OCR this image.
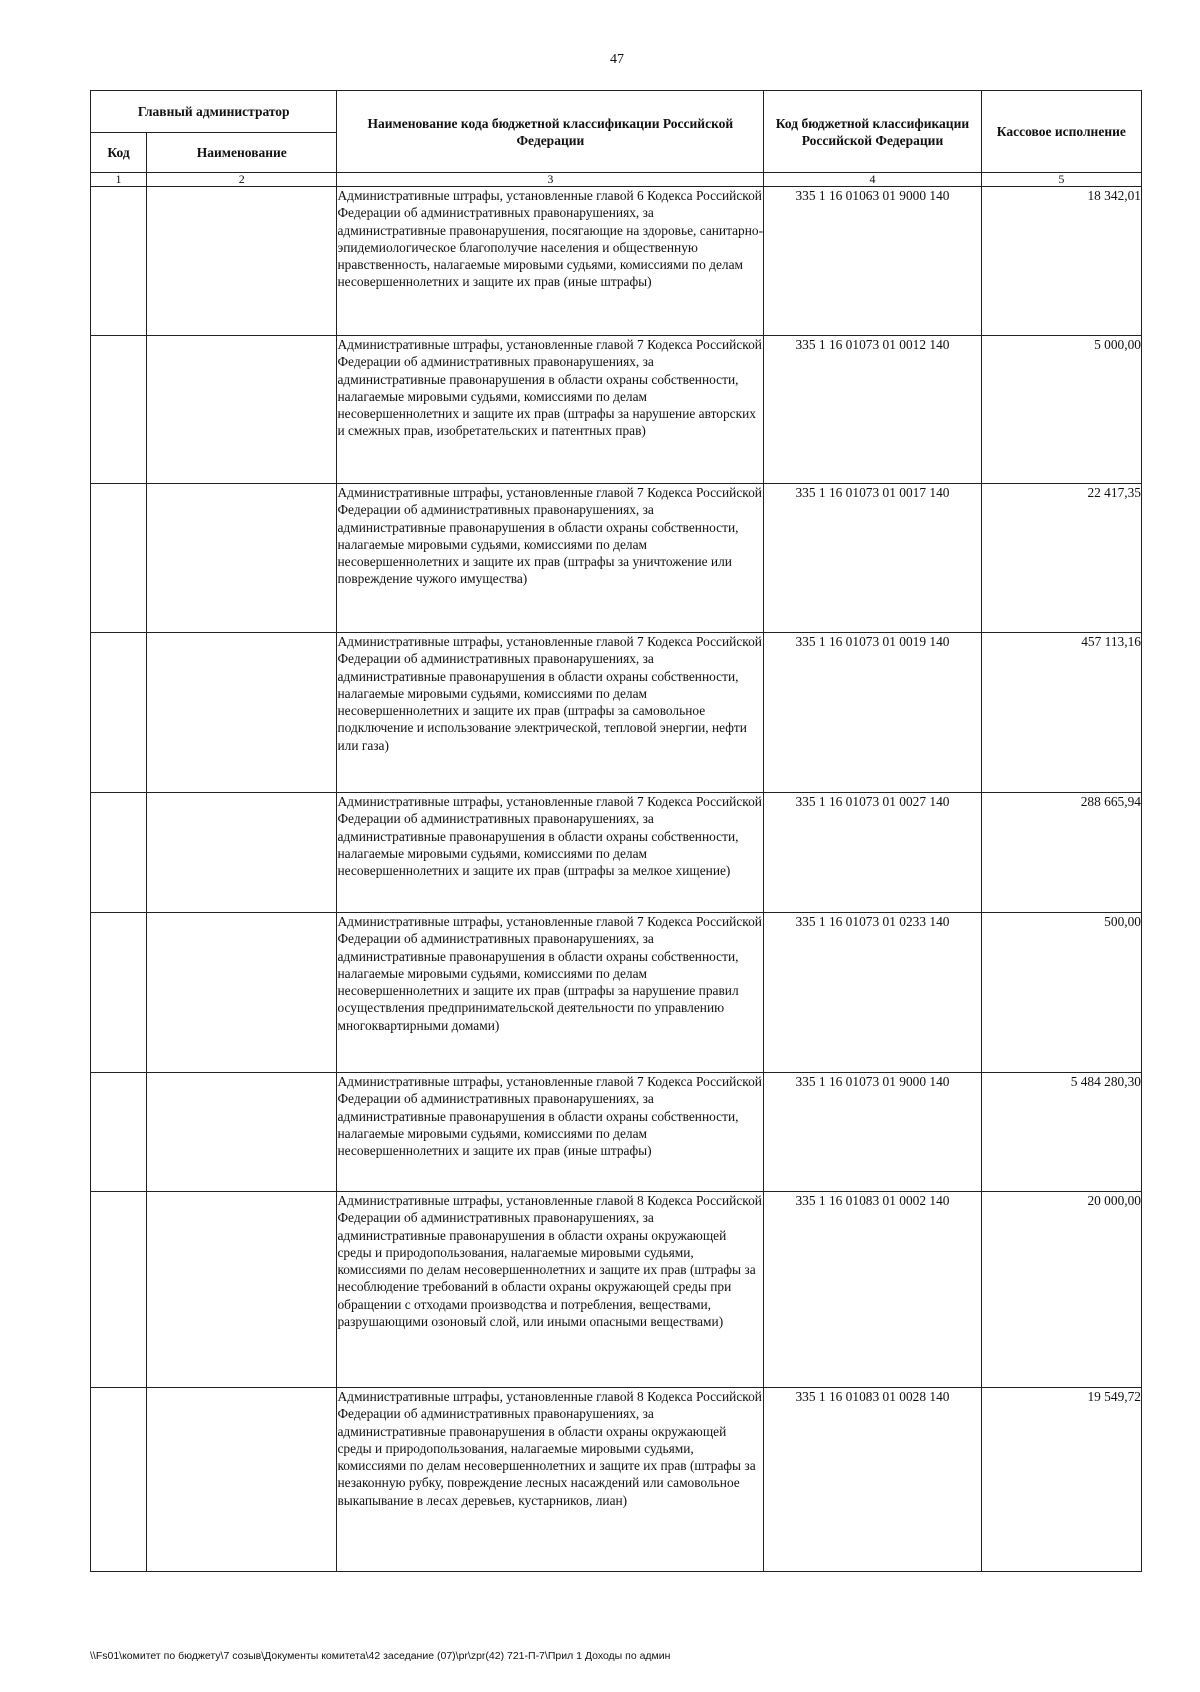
47
Главный администратор		Наименование кода бюджетной классификации Российской Федерации	Код бюджетной классификации Российской Федерации	Кассовое исполнение
Код	Наименование			
1	2	3	4	5
		Административные штрафы, установленные главой 6 Кодекса Российской Федерации об административных правонарушениях, за административные правонарушения, посягающие на здоровье, санитарно-эпидемиологическое благополучие населения и общественную нравственность, налагаемые мировыми судьями, комиссиями по делам несовершеннолетних и защите их прав (иные штрафы)	335 1 16 01063 01 9000 140	18 342,01
		Административные штрафы, установленные главой 7 Кодекса Российской Федерации об административных правонарушениях, за административные правонарушения в области охраны собственности, налагаемые мировыми судьями, комиссиями по делам несовершеннолетних и защите их прав (штрафы за нарушение авторских и смежных прав, изобретательских и патентных прав)	335 1 16 01073 01 0012 140	5 000,00
		Административные штрафы, установленные главой 7 Кодекса Российской Федерации об административных правонарушениях, за административные правонарушения в области охраны собственности, налагаемые мировыми судьями, комиссиями по делам несовершеннолетних и защите их прав (штрафы за уничтожение или повреждение чужого имущества)	335 1 16 01073 01 0017 140	22 417,35
		Административные штрафы, установленные главой 7 Кодекса Российской Федерации об административных правонарушениях, за административные правонарушения в области охраны собственности, налагаемые мировыми судьями, комиссиями по делам несовершеннолетних и защите их прав (штрафы за самовольное подключение и использование электрической, тепловой энергии, нефти или газа)	335 1 16 01073 01 0019 140	457 113,16
		Административные штрафы, установленные главой 7 Кодекса Российской Федерации об административных правонарушениях, за административные правонарушения в области охраны собственности, налагаемые мировыми судьями, комиссиями по делам несовершеннолетних и защите их прав (штрафы за мелкое хищение)	335 1 16 01073 01 0027 140	288 665,94
		Административные штрафы, установленные главой 7 Кодекса Российской Федерации об административных правонарушениях, за административные правонарушения в области охраны собственности, налагаемые мировыми судьями, комиссиями по делам несовершеннолетних и защите их прав (штрафы за нарушение правил осуществления предпринимательской деятельности по управлению многоквартирными домами)	335 1 16 01073 01 0233 140	500,00
		Административные штрафы, установленные главой 7 Кодекса Российской Федерации об административных правонарушениях, за административные правонарушения в области охраны собственности, налагаемые мировыми судьями, комиссиями по делам несовершеннолетних и защите их прав (иные штрафы)	335 1 16 01073 01 9000 140	5 484 280,30
		Административные штрафы, установленные главой 8 Кодекса Российской Федерации об административных правонарушениях, за административные правонарушения в области охраны окружающей среды и природопользования, налагаемые мировыми судьями, комиссиями по делам несовершеннолетних и защите их прав (штрафы за несоблюдение требований в области охраны окружающей среды при обращении с отходами производства и потребления, веществами, разрушающими озоновый слой, или иными опасными веществами)	335 1 16 01083 01 0002 140	20 000,00
		Административные штрафы, установленные главой 8 Кодекса Российской Федерации об административных правонарушениях, за административные правонарушения в области охраны окружающей среды и природопользования, налагаемые мировыми судьями, комиссиями по делам несовершеннолетних и защите их прав (штрафы за незаконную рубку, повреждение лесных насаждений или самовольное выкапывание в лесах деревьев, кустарников, лиан)	335 1 16 01083 01 0028 140	19 549,72
\\Fs01\комитет по бюджету\7 созыв\Документы комитета\42 заседание (07)\pr\zpr(42) 721-П-7\Прил 1 Доходы по админ
